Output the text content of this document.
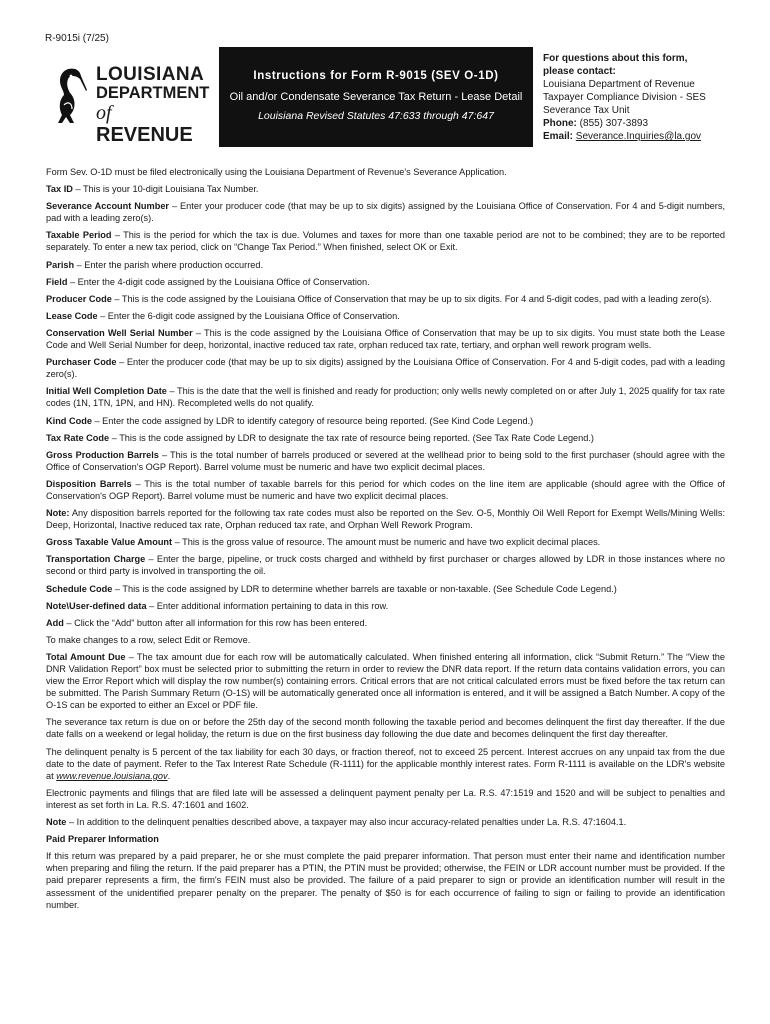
R-9015i (7/25)
LOUISIANA
DEPARTMENT
of REVENUE
Instructions for Form R-9015 (SEV O-1D)
Oil and/or Condensate Severance Tax Return - Lease Detail
Louisiana Revised Statutes 47:633 through 47:647
For questions about this form,
please contact:
Louisiana Department of Revenue
Taxpayer Compliance Division - SES
Severance Tax Unit
Phone: (855) 307-3893
Email: Severance.Inquiries@la.gov

Form Sev. O-1D must be filed electronically using the Louisiana Department of Revenue's Severance Application.

Tax ID – This is your 10-digit Louisiana Tax Number.

Severance Account Number – Enter your producer code (that may be up to six digits) assigned by the Louisiana Office of Conservation. For 4 and 5-digit numbers, pad with a leading zero(s).

Taxable Period – This is the period for which the tax is due. Volumes and taxes for more than one taxable period are not to be combined; they are to be reported separately. To enter a new tax period, click on “Change Tax Period.” When finished, select OK or Exit.

Parish – Enter the parish where production occurred.

Field – Enter the 4-digit code assigned by the Louisiana Office of Conservation.

Producer Code – This is the code assigned by the Louisiana Office of Conservation that may be up to six digits. For 4 and 5-digit codes, pad with a leading zero(s).

Lease Code – Enter the 6-digit code assigned by the Louisiana Office of Conservation.

Conservation Well Serial Number – This is the code assigned by the Louisiana Office of Conservation that may be up to six digits. You must state both the Lease Code and Well Serial Number for deep, horizontal, inactive reduced tax rate, orphan reduced tax rate, tertiary, and orphan well rework program wells.

Purchaser Code – Enter the producer code (that may be up to six digits) assigned by the Louisiana Office of Conservation. For 4 and 5-digit codes, pad with a leading zero(s).

Initial Well Completion Date – This is the date that the well is finished and ready for production; only wells newly completed on or after July 1, 2025 qualify for tax rate codes (1N, 1TN, 1PN, and HN). Recompleted wells do not qualify.

Kind Code – Enter the code assigned by LDR to identify category of resource being reported. (See Kind Code Legend.)

Tax Rate Code – This is the code assigned by LDR to designate the tax rate of resource being reported. (See Tax Rate Code Legend.)

Gross Production Barrels – This is the total number of barrels produced or severed at the wellhead prior to being sold to the first purchaser (should agree with the Office of Conservation's OGP Report). Barrel volume must be numeric and have two explicit decimal places.

Disposition Barrels – This is the total number of taxable barrels for this period for which codes on the line item are applicable (should agree with the Office of Conservation's OGP Report). Barrel volume must be numeric and have two explicit decimal places.

Note: Any disposition barrels reported for the following tax rate codes must also be reported on the Sev. O-5, Monthly Oil Well Report for Exempt Wells/Mining Wells: Deep, Horizontal, Inactive reduced tax rate, Orphan reduced tax rate, and Orphan Well Rework Program.

Gross Taxable Value Amount – This is the gross value of resource. The amount must be numeric and have two explicit decimal places.

Transportation Charge – Enter the barge, pipeline, or truck costs charged and withheld by first purchaser or charges allowed by LDR in those instances where no second or third party is involved in transporting the oil.

Schedule Code – This is the code assigned by LDR to determine whether barrels are taxable or non-taxable. (See Schedule Code Legend.)

Note\User-defined data – Enter additional information pertaining to data in this row.

Add – Click the “Add” button after all information for this row has been entered.

To make changes to a row, select Edit or Remove.

Total Amount Due – The tax amount due for each row will be automatically calculated. When finished entering all information, click “Submit Return.” The “View the DNR Validation Report” box must be selected prior to submitting the return in order to review the DNR data report. If the return data contains validation errors, you can view the Error Report which will display the row number(s) containing errors. Critical errors that are not critical calculated errors must be fixed before the tax return can be submitted. The Parish Summary Return (O-1S) will be automatically generated once all information is entered, and it will be assigned a Batch Number. A copy of the O-1S can be exported to either an Excel or PDF file.

The severance tax return is due on or before the 25th day of the second month following the taxable period and becomes delinquent the first day thereafter. If the due date falls on a weekend or legal holiday, the return is due on the first business day following the due date and becomes delinquent the first day thereafter.

The delinquent penalty is 5 percent of the tax liability for each 30 days, or fraction thereof, not to exceed 25 percent. Interest accrues on any unpaid tax from the due date to the date of payment. Refer to the Tax Interest Rate Schedule (R-1111) for the applicable monthly interest rates. Form R-1111 is available on the LDR's website at www.revenue.louisiana.gov.

Electronic payments and filings that are filed late will be assessed a delinquent payment penalty per La. R.S. 47:1519 and 1520 and will be subject to penalties and interest as set forth in La. R.S. 47:1601 and 1602.

Note – In addition to the delinquent penalties described above, a taxpayer may also incur accuracy-related penalties under La. R.S. 47:1604.1.

Paid Preparer Information

If this return was prepared by a paid preparer, he or she must complete the paid preparer information. That person must enter their name and identification number when preparing and filing the return. If the paid preparer has a PTIN, the PTIN must be provided; otherwise, the FEIN or LDR account number must be provided. If the paid preparer represents a firm, the firm's FEIN must also be provided. The failure of a paid preparer to sign or provide an identification number will result in the assessment of the unidentified preparer penalty on the preparer. The penalty of $50 is for each occurrence of failing to sign or failing to provide an identification number.
